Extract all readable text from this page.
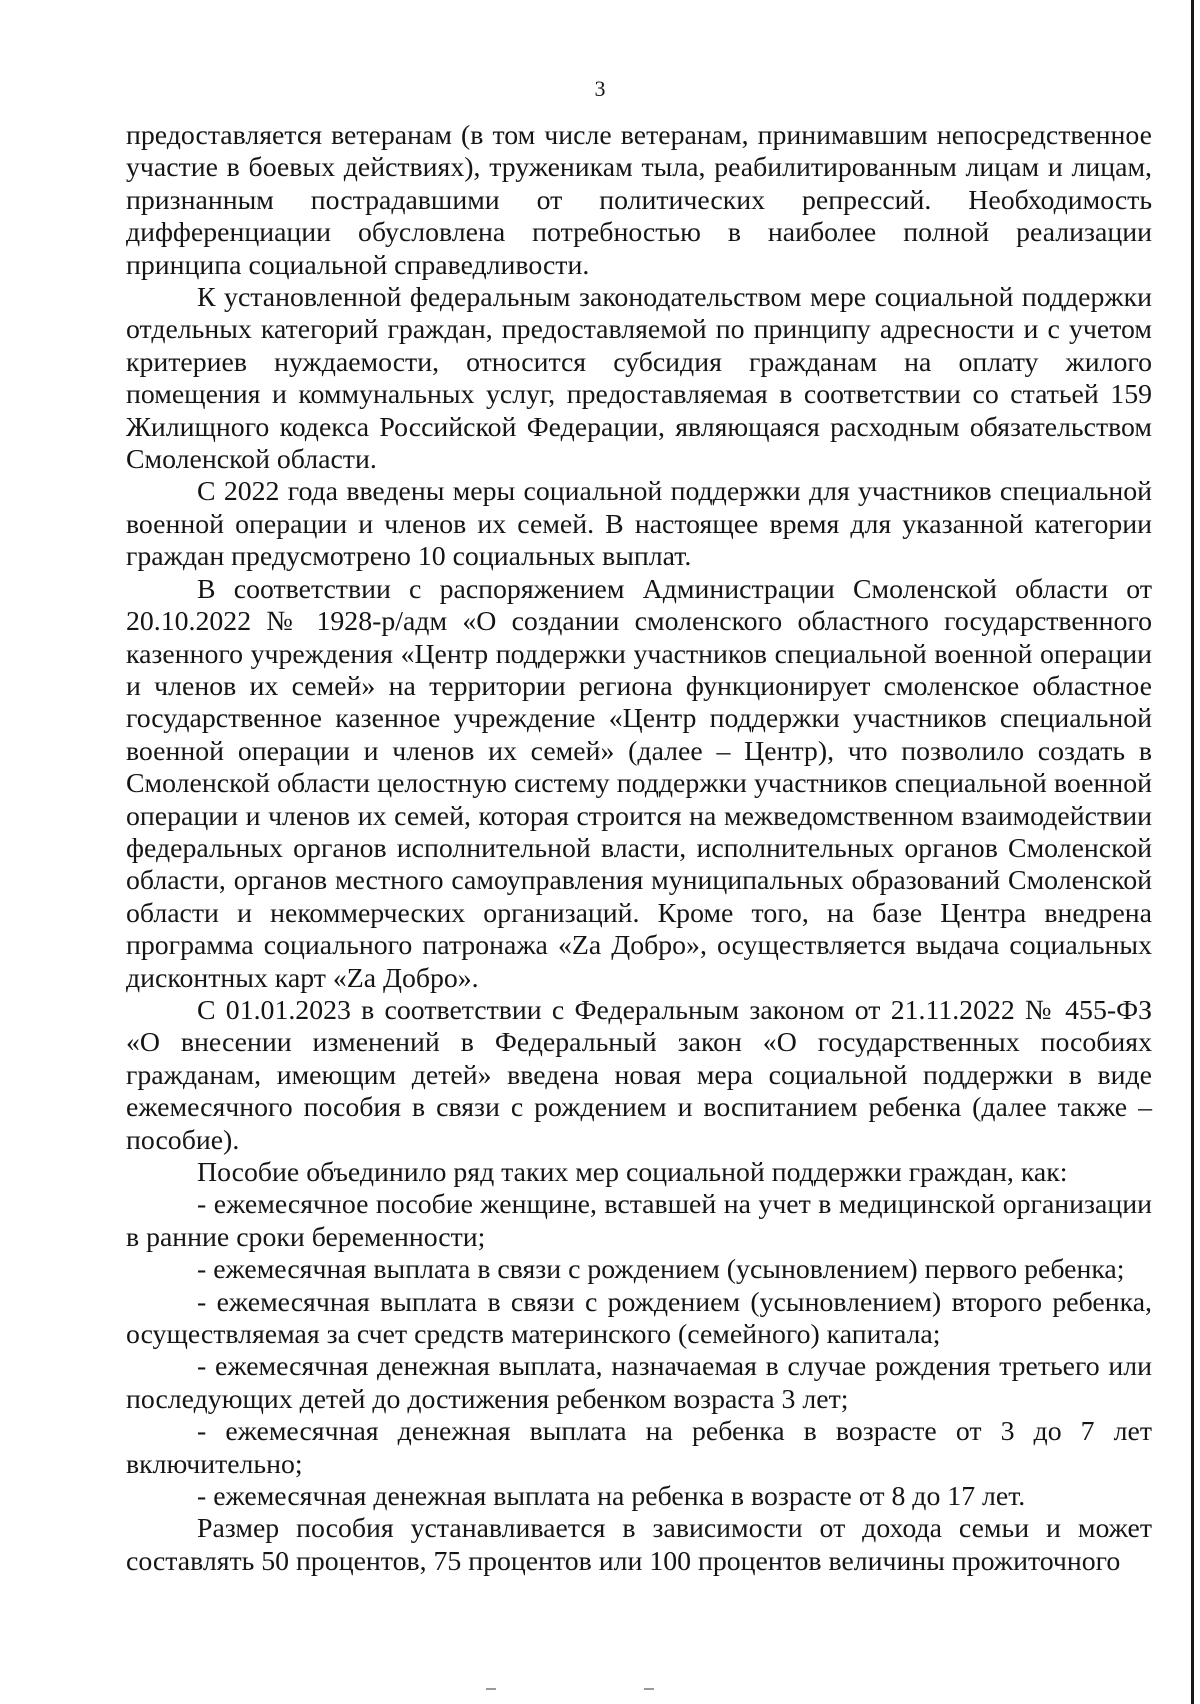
3

предоставляется ветеранам (в том числе ветеранам, принимавшим непосредственное участие в боевых действиях), труженикам тыла, реабилитированным лицам и лицам, признанным пострадавшими от политических репрессий. Необходимость дифференциации обусловлена потребностью в наиболее полной реализации принципа социальной справедливости.

К установленной федеральным законодательством мере социальной поддержки отдельных категорий граждан, предоставляемой по принципу адресности и с учетом критериев нуждаемости, относится субсидия гражданам на оплату жилого помещения и коммунальных услуг, предоставляемая в соответствии со статьей 159 Жилищного кодекса Российской Федерации, являющаяся расходным обязательством Смоленской области.

С 2022 года введены меры социальной поддержки для участников специальной военной операции и членов их семей. В настоящее время для указанной категории граждан предусмотрено 10 социальных выплат.

В соответствии с распоряжением Администрации Смоленской области от 20.10.2022 № 1928-р/адм «О создании смоленского областного государственного казенного учреждения «Центр поддержки участников специальной военной операции и членов их семей» на территории региона функционирует смоленское областное государственное казенное учреждение «Центр поддержки участников специальной военной операции и членов их семей» (далее – Центр), что позволило создать в Смоленской области целостную систему поддержки участников специальной военной операции и членов их семей, которая строится на межведомственном взаимодействии федеральных органов исполнительной власти, исполнительных органов Смоленской области, органов местного самоуправления муниципальных образований Смоленской области и некоммерческих организаций. Кроме того, на базе Центра внедрена программа социального патронажа «Zа Добро», осуществляется выдача социальных дисконтных карт «Zа Добро».

С 01.01.2023 в соответствии с Федеральным законом от 21.11.2022 № 455-ФЗ «О внесении изменений в Федеральный закон «О государственных пособиях гражданам, имеющим детей» введена новая мера социальной поддержки в виде ежемесячного пособия в связи с рождением и воспитанием ребенка (далее также – пособие).

Пособие объединило ряд таких мер социальной поддержки граждан, как:

- ежемесячное пособие женщине, вставшей на учет в медицинской организации в ранние сроки беременности;

- ежемесячная выплата в связи с рождением (усыновлением) первого ребенка;

- ежемесячная выплата в связи с рождением (усыновлением) второго ребенка, осуществляемая за счет средств материнского (семейного) капитала;

- ежемесячная денежная выплата, назначаемая в случае рождения третьего или последующих детей до достижения ребенком возраста 3 лет;

- ежемесячная денежная выплата на ребенка в возрасте от 3 до 7 лет включительно;

- ежемесячная денежная выплата на ребенка в возрасте от 8 до 17 лет.

Размер пособия устанавливается в зависимости от дохода семьи и может составлять 50 процентов, 75 процентов или 100 процентов величины прожиточного
